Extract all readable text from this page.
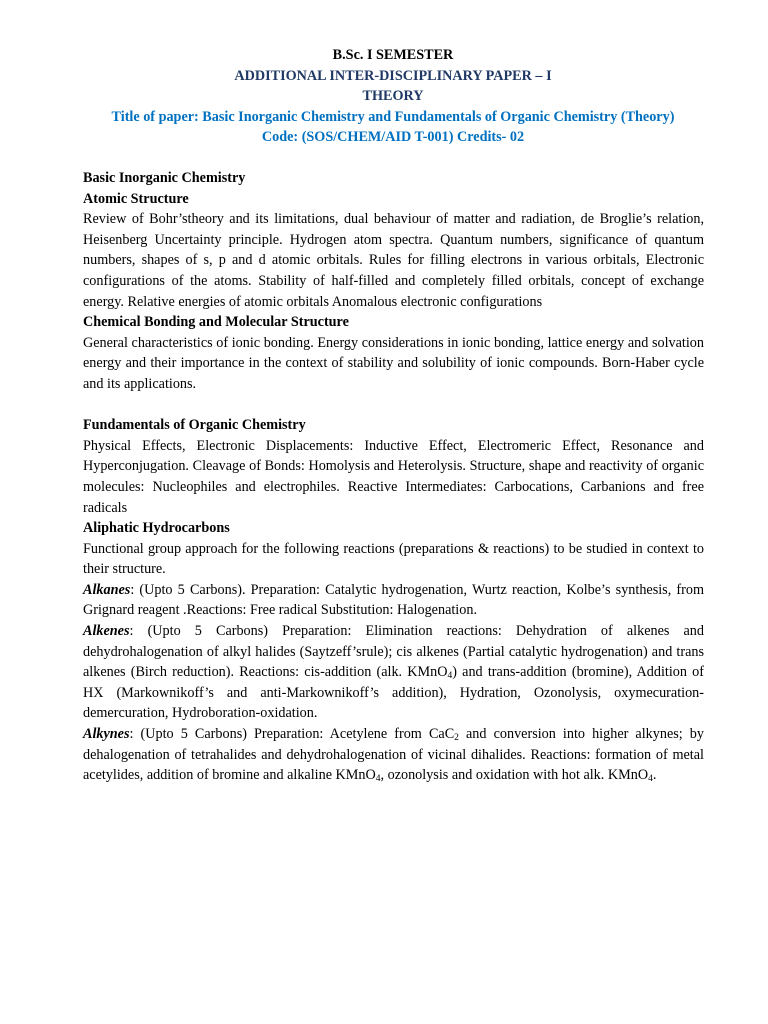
B.Sc. I SEMESTER
ADDITIONAL INTER-DISCIPLINARY PAPER – I
THEORY
Title of paper: Basic Inorganic Chemistry and Fundamentals of Organic Chemistry (Theory)
Code: (SOS/CHEM/AID T-001) Credits- 02
Basic Inorganic Chemistry
Atomic Structure
Review of Bohr’stheory and its limitations, dual behaviour of matter and radiation, de Broglie’s relation, Heisenberg Uncertainty principle. Hydrogen atom spectra. Quantum numbers, significance of quantum numbers, shapes of s, p and d atomic orbitals. Rules for filling electrons in various orbitals, Electronic configurations of the atoms. Stability of half-filled and completely filled orbitals, concept of exchange energy. Relative energies of atomic orbitals Anomalous electronic configurations
Chemical Bonding and Molecular Structure
General characteristics of ionic bonding. Energy considerations in ionic bonding, lattice energy and solvation energy and their importance in the context of stability and solubility of ionic compounds. Born-Haber cycle and its applications.
Fundamentals of Organic Chemistry
Physical Effects, Electronic Displacements: Inductive Effect, Electromeric Effect, Resonance and Hyperconjugation. Cleavage of Bonds: Homolysis and Heterolysis. Structure, shape and reactivity of organic molecules: Nucleophiles and electrophiles. Reactive Intermediates: Carbocations, Carbanions and free radicals
Aliphatic Hydrocarbons
Functional group approach for the following reactions (preparations & reactions) to be studied in context to their structure.
Alkanes: (Upto 5 Carbons). Preparation: Catalytic hydrogenation, Wurtz reaction, Kolbe’s synthesis, from Grignard reagent .Reactions: Free radical Substitution: Halogenation.
Alkenes: (Upto 5 Carbons) Preparation: Elimination reactions: Dehydration of alkenes and dehydrohalogenation of alkyl halides (Saytzeff’srule); cis alkenes (Partial catalytic hydrogenation) and trans alkenes (Birch reduction). Reactions: cis-addition (alk. KMnO$_4$) and trans-addition (bromine), Addition of HX (Markownikoff’s and anti-Markownikoff’s addition), Hydration, Ozonolysis, oxymecuration-demercuration, Hydroboration-oxidation.
Alkynes: (Upto 5 Carbons) Preparation: Acetylene from CaC$_2$ and conversion into higher alkynes; by dehalogenation of tetrahalides and dehydrohalogenation of vicinal dihalides. Reactions: formation of metal acetylides, addition of bromine and alkaline KMnO$_4$, ozonolysis and oxidation with hot alk. KMnO$_4$.
